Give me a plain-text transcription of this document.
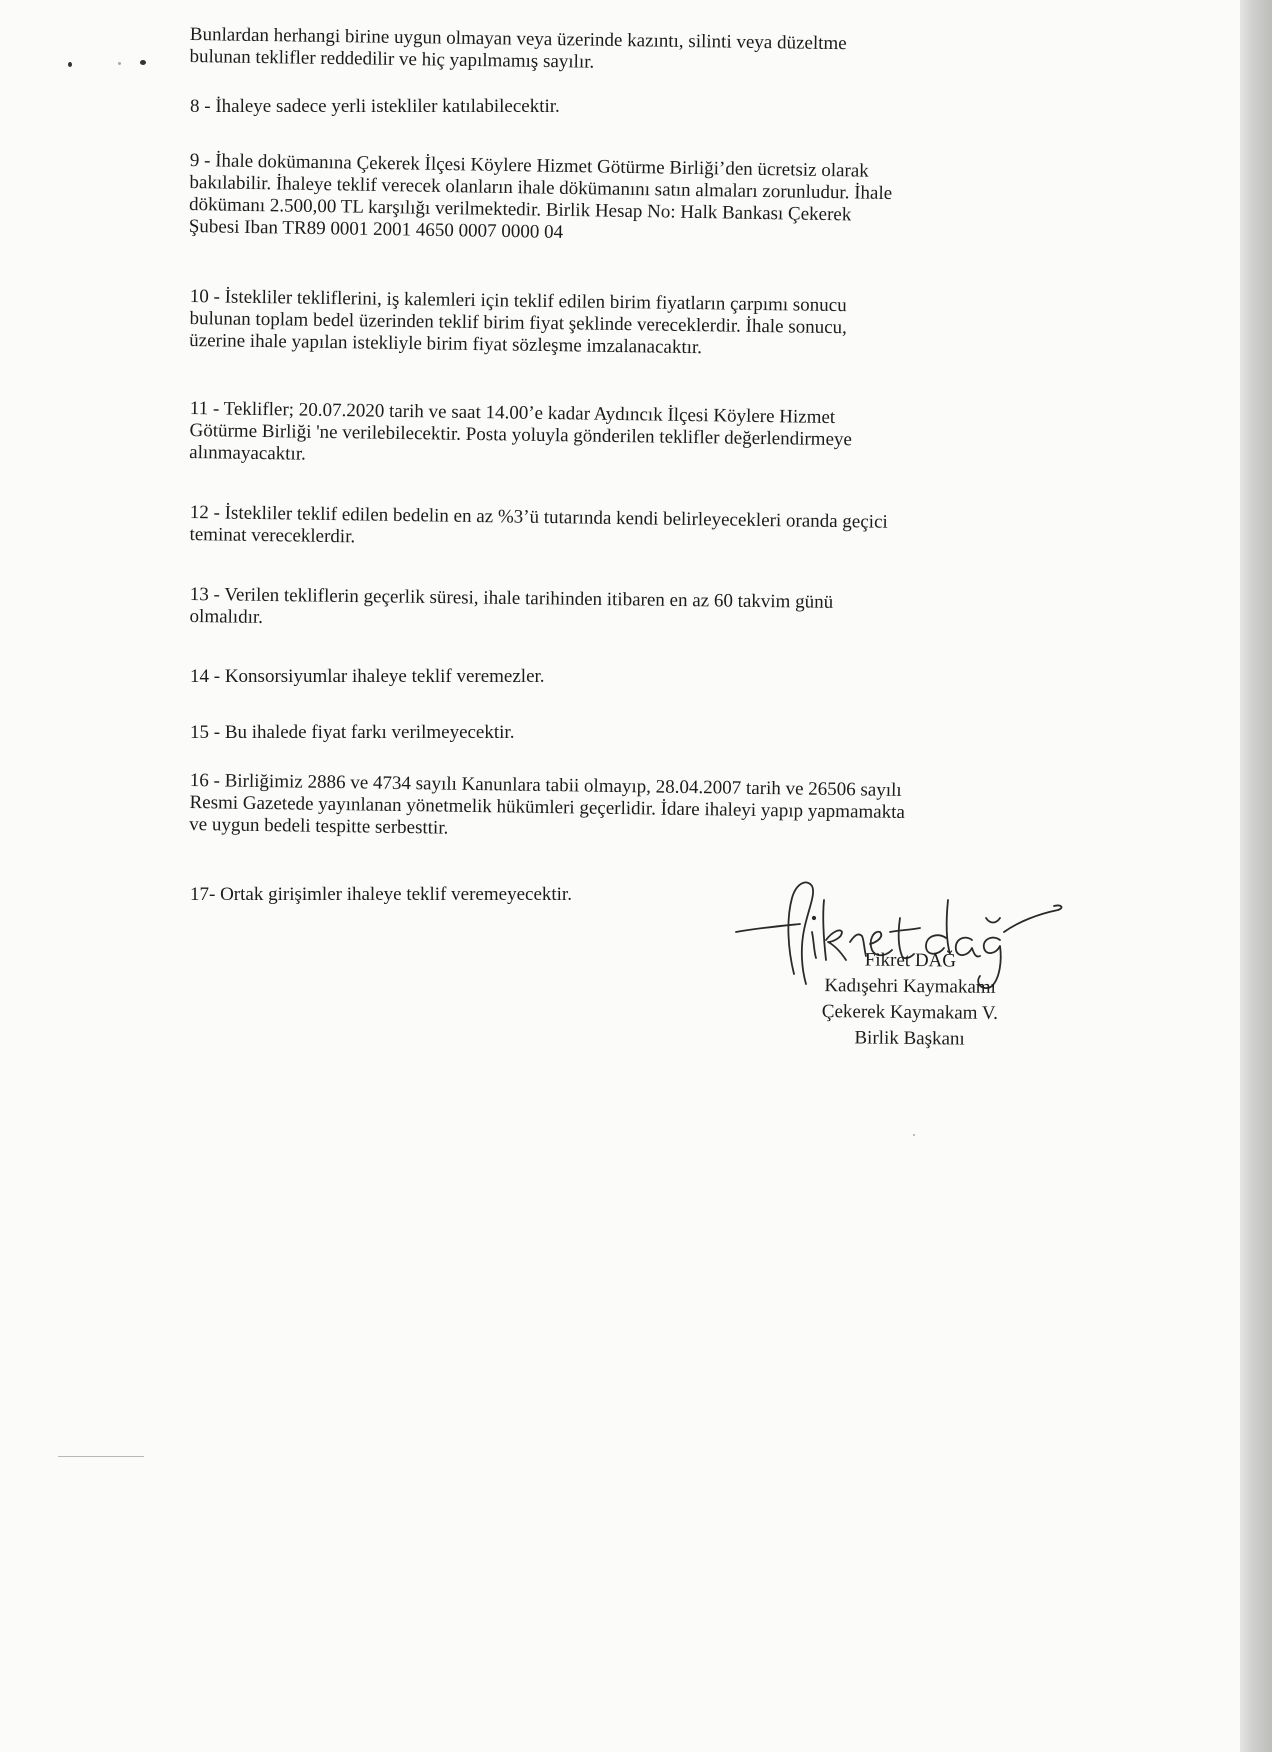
Bunlardan herhangi birine uygun olmayan veya üzerinde kazıntı, silinti veya düzeltme
bulunan teklifler reddedilir ve hiç yapılmamış sayılır.

8 - İhaleye sadece yerli istekliler katılabilecektir.

9 - İhale dokümanına Çekerek İlçesi Köylere Hizmet Götürme Birliği’den ücretsiz olarak
bakılabilir. İhaleye teklif verecek olanların ihale dökümanını satın almaları zorunludur. İhale
dökümanı 2.500,00 TL karşılığı verilmektedir. Birlik Hesap No: Halk Bankası Çekerek
Şubesi Iban TR89 0001 2001 4650 0007 0000 04

10 - İstekliler tekliflerini, iş kalemleri için teklif edilen birim fiyatların çarpımı sonucu
bulunan toplam bedel üzerinden teklif birim fiyat şeklinde vereceklerdir. İhale sonucu,
üzerine ihale yapılan istekliyle birim fiyat sözleşme imzalanacaktır.

11 - Teklifler; 20.07.2020 tarih ve saat 14.00’e kadar Aydıncık İlçesi Köylere Hizmet
Götürme Birliği 'ne verilebilecektir. Posta yoluyla gönderilen teklifler değerlendirmeye
alınmayacaktır.

12 - İstekliler teklif edilen bedelin en az %3’ü tutarında kendi belirleyecekleri oranda geçici
teminat vereceklerdir.

13 - Verilen tekliflerin geçerlik süresi, ihale tarihinden itibaren en az 60 takvim günü
olmalıdır.

14 - Konsorsiyumlar ihaleye teklif veremezler.

15 - Bu ihalede fiyat farkı verilmeyecektir.

16 - Birliğimiz 2886 ve 4734 sayılı Kanunlara tabii olmayıp, 28.04.2007 tarih ve 26506 sayılı
Resmi Gazetede yayınlanan yönetmelik hükümleri geçerlidir. İdare ihaleyi yapıp yapmamakta
ve uygun bedeli tespitte serbesttir.

17- Ortak girişimler ihaleye teklif veremeyecektir.

Fikret DAĞ
Kadışehri Kaymakamı
Çekerek Kaymakam V.
Birlik Başkanı
